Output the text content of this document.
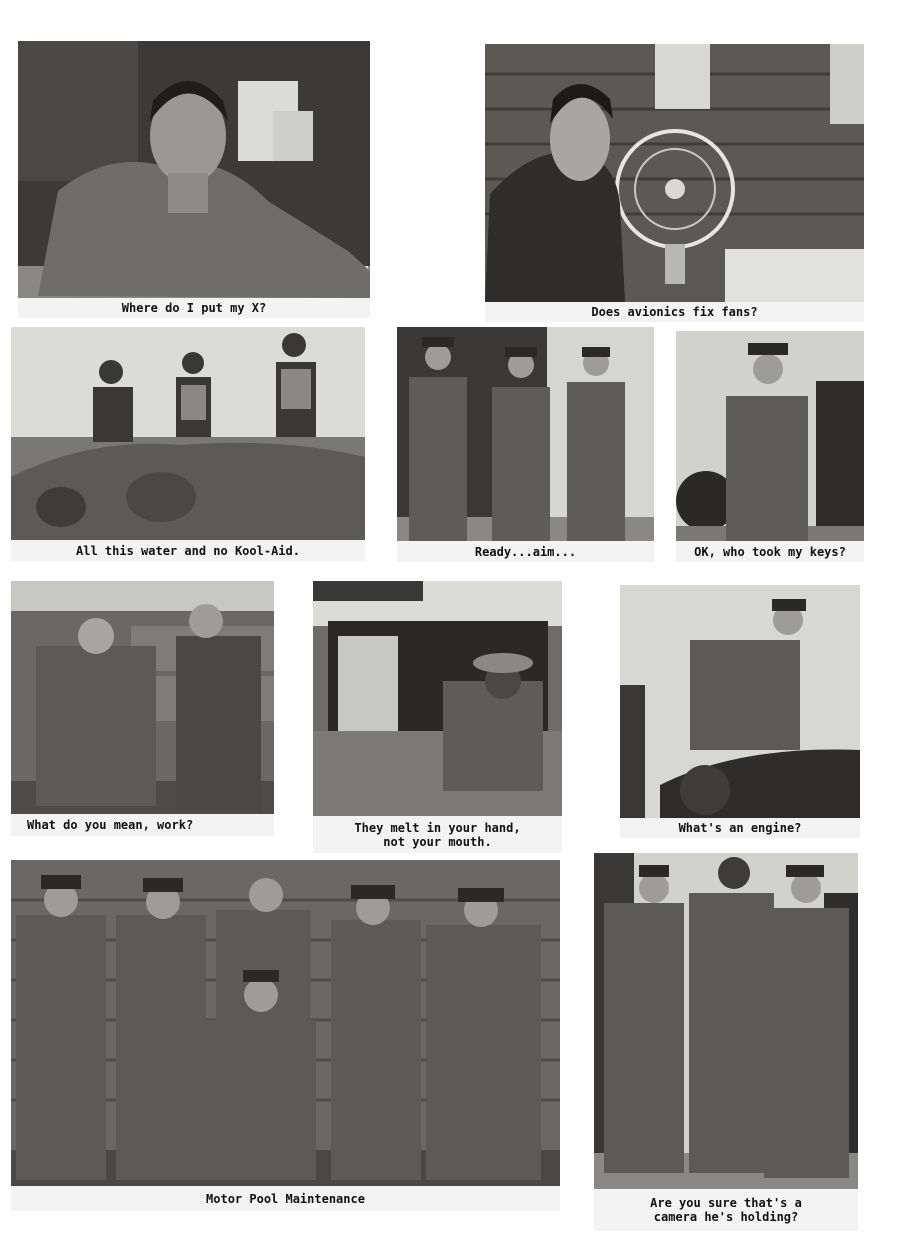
Where do I put my X?	Does avionics fix fans?
All this water and no Kool-Aid.	Ready...aim...	OK, who took my keys?
What do you mean, work?	They melt in your hand,
not your mouth.
What's an engine?
Motor Pool Maintenance	Are you sure that's a
camera he's holding?
